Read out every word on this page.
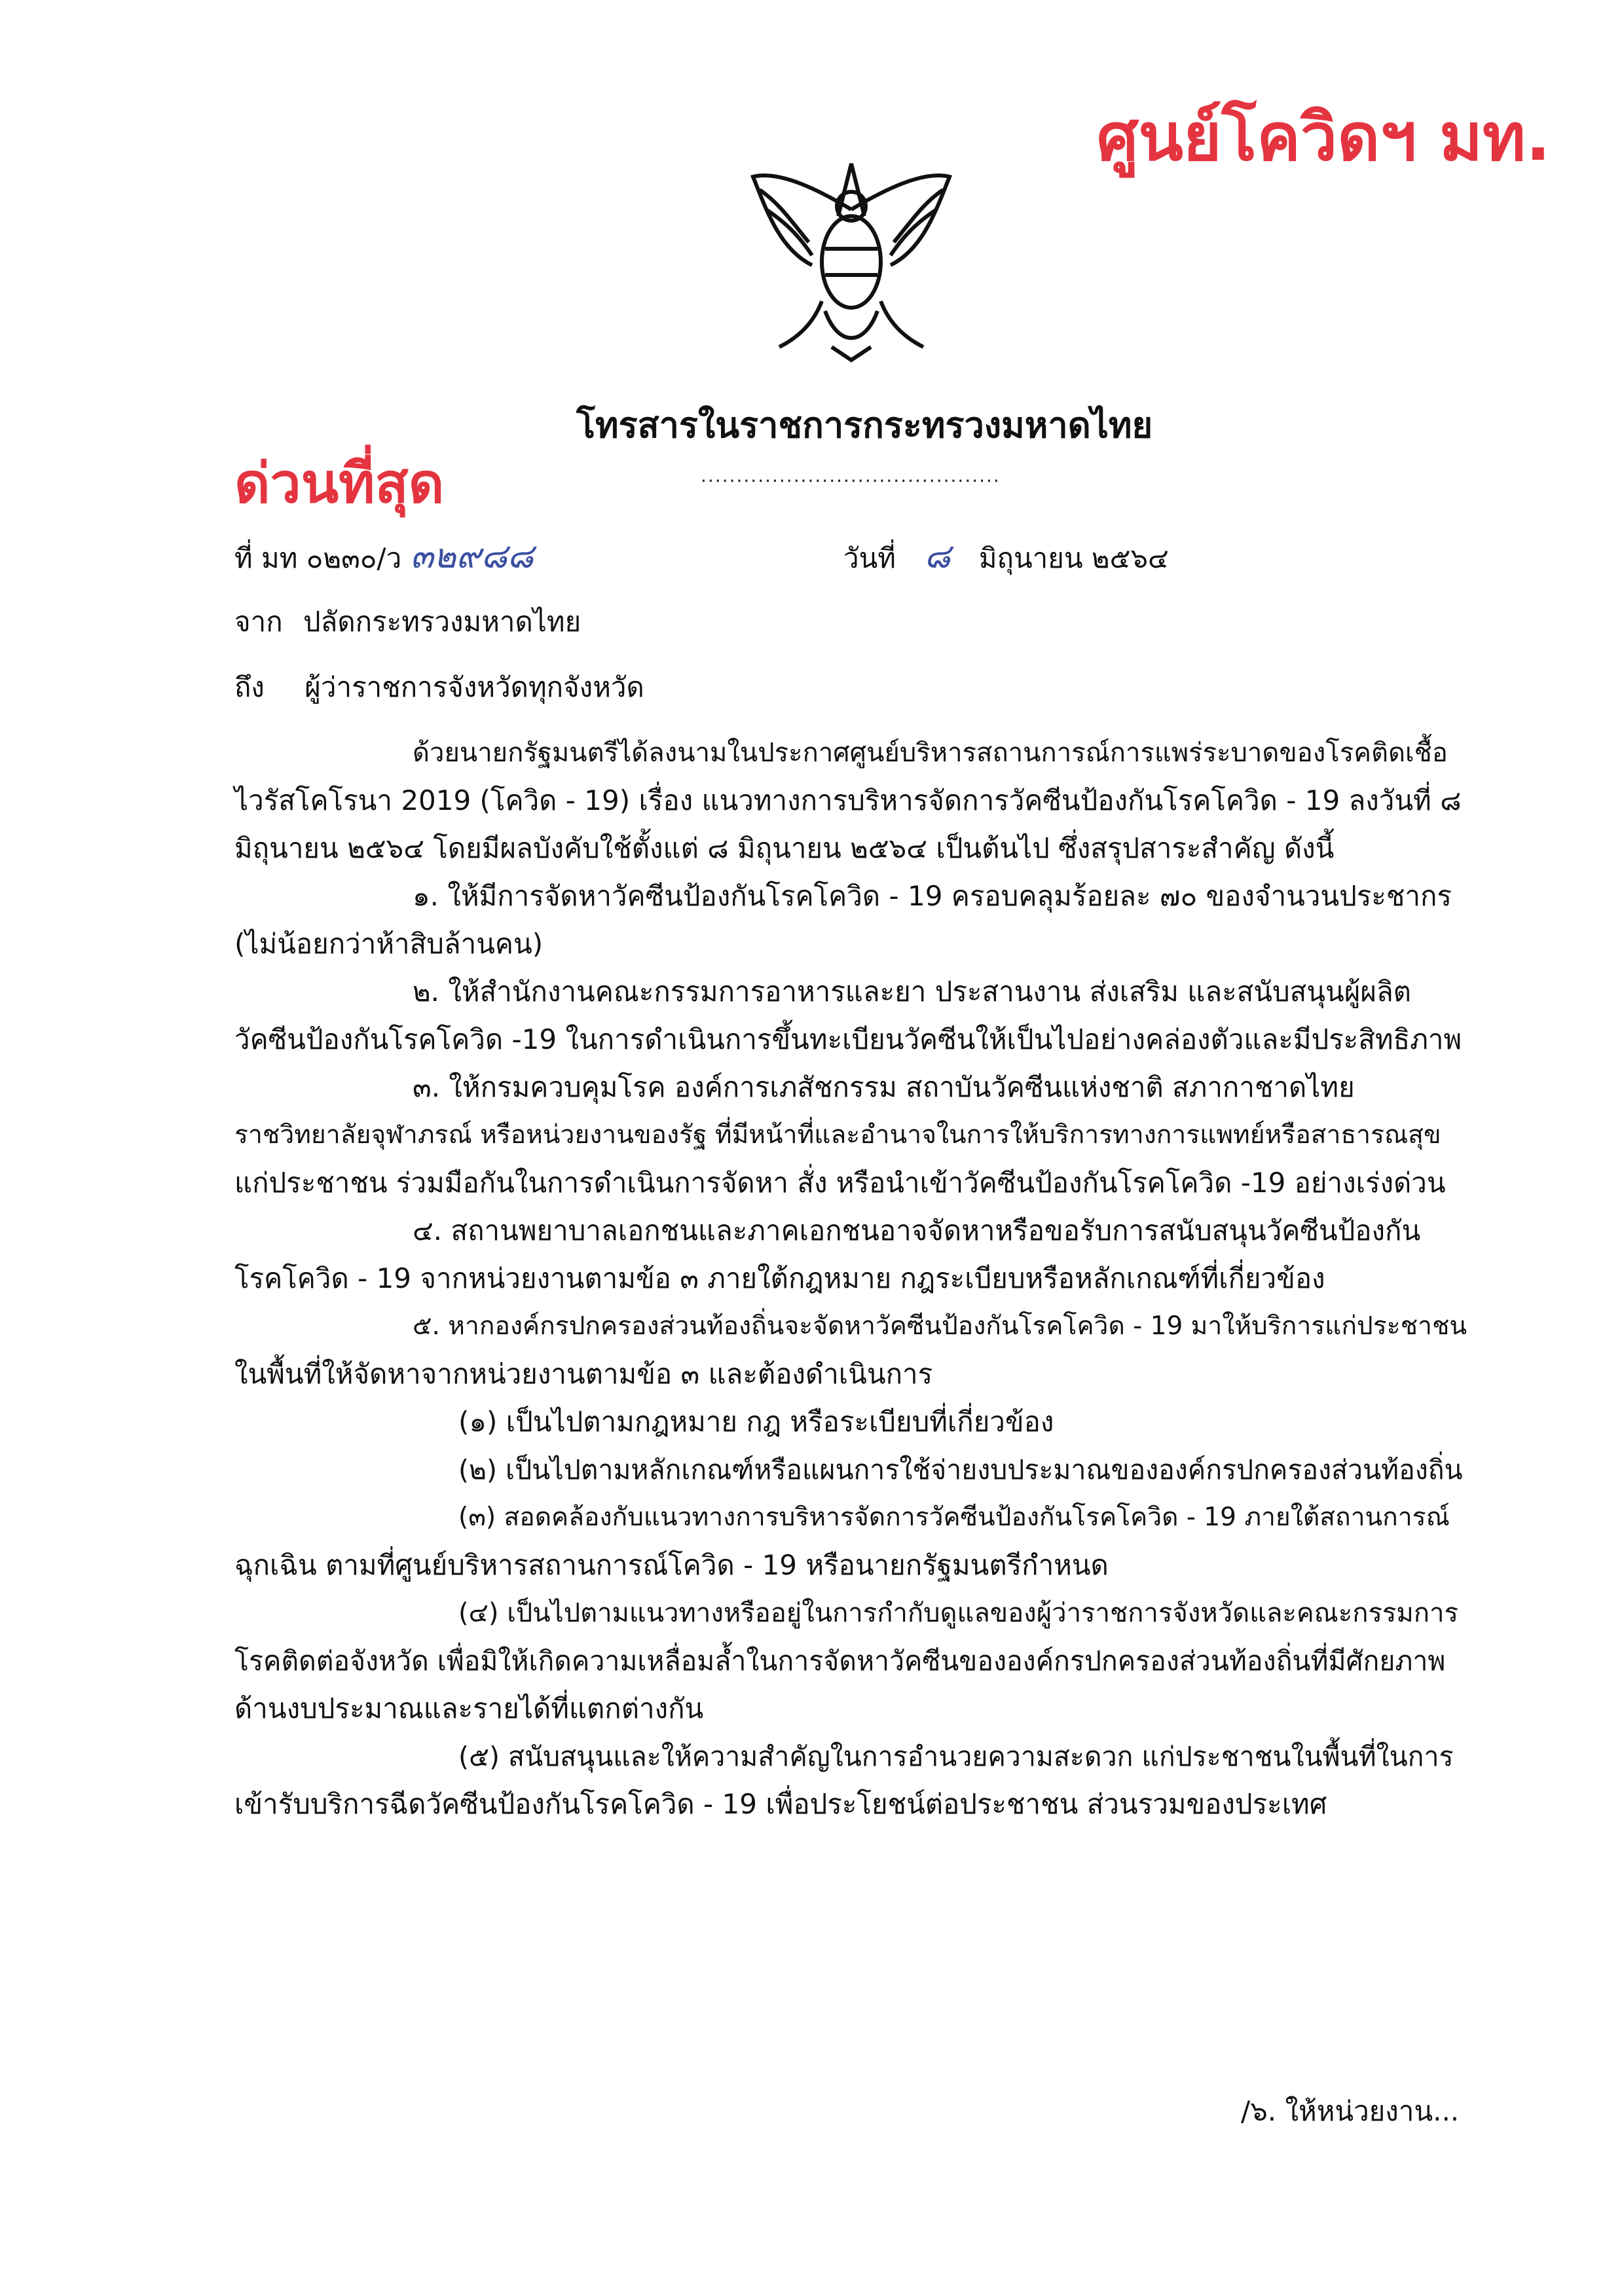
ศูนย์โควิดฯ มท.
โทรสารในราชการกระทรวงมหาดไทย
ด่วนที่สุด	..........................................
ที่ มท ๐๒๓๐/ว ๓๒๙๘๘	วันที่ ๘ มิถุนายน ๒๕๖๔
จาก ปลัดกระทรวงมหาดไทย
ถึง ผู้ว่าราชการจังหวัดทุกจังหวัด
ด้วยนายกรัฐมนตรีได้ลงนามในประกาศศูนย์บริหารสถานการณ์การแพร่ระบาดของโรคติดเชื้อ
ไวรัสโคโรนา 2019 (โควิด - 19) เรื่อง แนวทางการบริหารจัดการวัคซีนป้องกันโรคโควิด - 19 ลงวันที่ ๘
มิถุนายน ๒๕๖๔ โดยมีผลบังคับใช้ตั้งแต่ ๘ มิถุนายน ๒๕๖๔ เป็นต้นไป ซึ่งสรุปสาระสำคัญ ดังนี้
๑. ให้มีการจัดหาวัคซีนป้องกันโรคโควิด - 19 ครอบคลุมร้อยละ ๗๐ ของจำนวนประชากร
(ไม่น้อยกว่าห้าสิบล้านคน)
๒. ให้สำนักงานคณะกรรมการอาหารและยา ประสานงาน ส่งเสริม และสนับสนุนผู้ผลิต
วัคซีนป้องกันโรคโควิด -19 ในการดำเนินการขึ้นทะเบียนวัคซีนให้เป็นไปอย่างคล่องตัวและมีประสิทธิภาพ
๓. ให้กรมควบคุมโรค องค์การเภสัชกรรม สถาบันวัคซีนแห่งชาติ สภากาชาดไทย
ราชวิทยาลัยจุฬาภรณ์ หรือหน่วยงานของรัฐ ที่มีหน้าที่และอำนาจในการให้บริการทางการแพทย์หรือสาธารณสุข
แก่ประชาชน ร่วมมือกันในการดำเนินการจัดหา สั่ง หรือนำเข้าวัคซีนป้องกันโรคโควิด -19 อย่างเร่งด่วน
๔. สถานพยาบาลเอกชนและภาคเอกชนอาจจัดหาหรือขอรับการสนับสนุนวัคซีนป้องกัน
โรคโควิด - 19 จากหน่วยงานตามข้อ ๓ ภายใต้กฎหมาย กฎระเบียบหรือหลักเกณฑ์ที่เกี่ยวข้อง
๕. หากองค์กรปกครองส่วนท้องถิ่นจะจัดหาวัคซีนป้องกันโรคโควิด - 19 มาให้บริการแก่ประชาชน
ในพื้นที่ให้จัดหาจากหน่วยงานตามข้อ ๓ และต้องดำเนินการ
(๑) เป็นไปตามกฎหมาย กฎ หรือระเบียบที่เกี่ยวข้อง
(๒) เป็นไปตามหลักเกณฑ์หรือแผนการใช้จ่ายงบประมาณขององค์กรปกครองส่วนท้องถิ่น
(๓) สอดคล้องกับแนวทางการบริหารจัดการวัคซีนป้องกันโรคโควิด - 19 ภายใต้สถานการณ์
ฉุกเฉิน ตามที่ศูนย์บริหารสถานการณ์โควิด - 19 หรือนายกรัฐมนตรีกำหนด
(๔) เป็นไปตามแนวทางหรืออยู่ในการกำกับดูแลของผู้ว่าราชการจังหวัดและคณะกรรมการ
โรคติดต่อจังหวัด เพื่อมิให้เกิดความเหลื่อมล้ำในการจัดหาวัคซีนขององค์กรปกครองส่วนท้องถิ่นที่มีศักยภาพ
ด้านงบประมาณและรายได้ที่แตกต่างกัน
(๕) สนับสนุนและให้ความสำคัญในการอำนวยความสะดวก แก่ประชาชนในพื้นที่ในการ
เข้ารับบริการฉีดวัคซีนป้องกันโรคโควิด - 19 เพื่อประโยชน์ต่อประชาชน ส่วนรวมของประเทศ
/๖. ให้หน่วยงาน...
